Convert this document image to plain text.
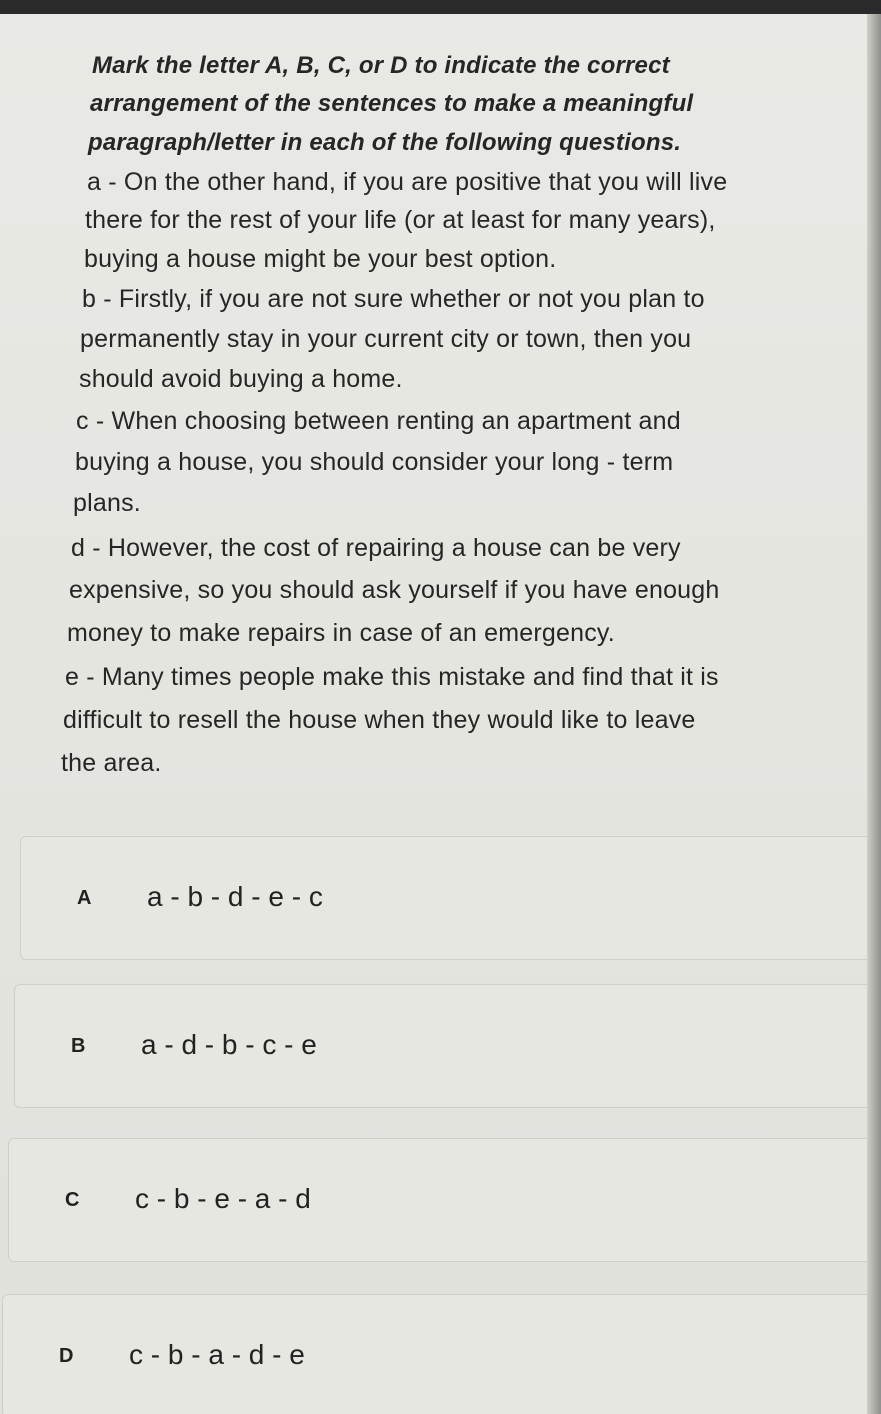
Mark the letter A, B, C, or D to indicate the correct
arrangement of the sentences to make a meaningful
paragraph/letter in each of the following questions.
a - On the other hand, if you are positive that you will live
there for the rest of your life (or at least for many years),
buying a house might be your best option.
b - Firstly, if you are not sure whether or not you plan to
permanently stay in your current city or town, then you
should avoid buying a home.
c - When choosing between renting an apartment and
buying a house, you should consider your long - term
plans.
d - However, the cost of repairing a house can be very
expensive, so you should ask yourself if you have enough
money to make repairs in case of an emergency.
e - Many times people make this mistake and find that it is
difficult to resell the house when they would like to leave
the area.
A a - b - d - e - c
B a - d - b - c - e
C c - b - e - a - d
D c - b - a - d - e
